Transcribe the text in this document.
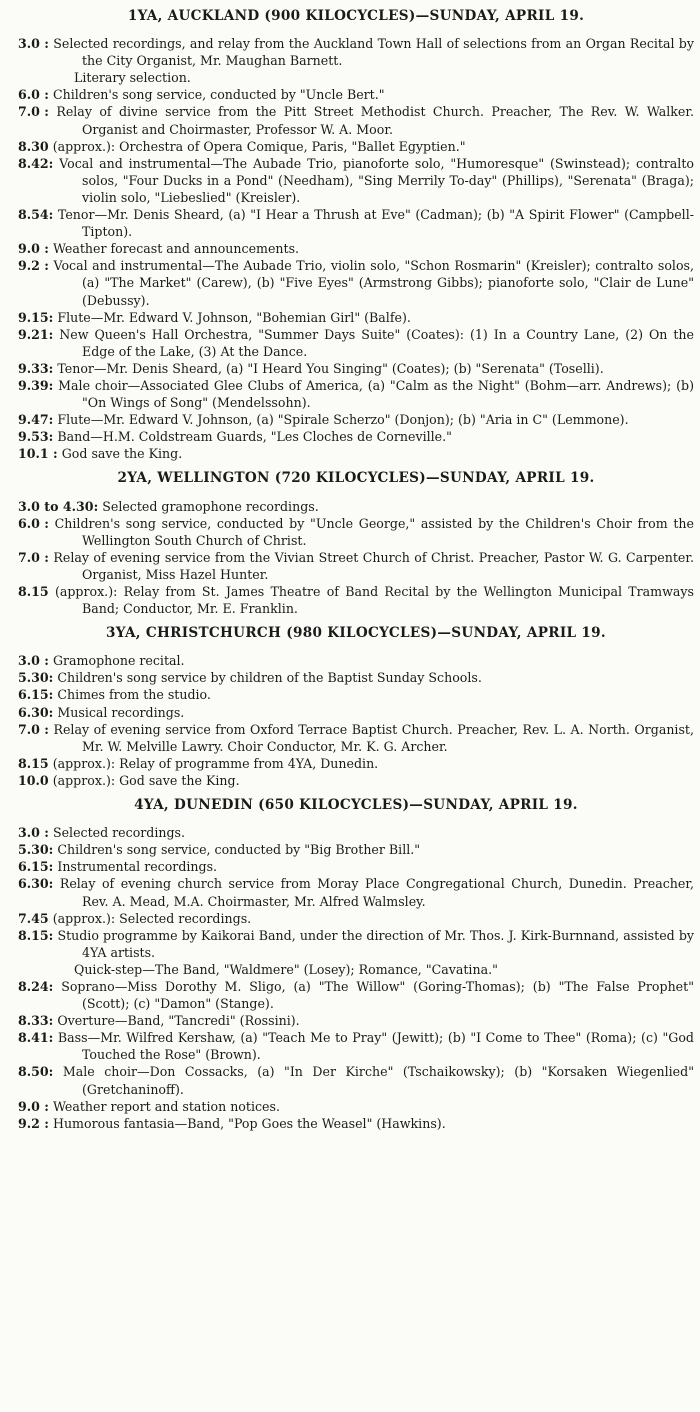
1YA, AUCKLAND (900 KILOCYCLES)—SUNDAY, APRIL 19.

3.0 : Selected recordings, and relay from the Auckland Town Hall of selections from an Organ Recital by the City Organist, Mr. Maughan Barnett.

Literary selection.

6.0 : Children's song service, conducted by "Uncle Bert."

7.0 : Relay of divine service from the Pitt Street Methodist Church. Preacher, The Rev. W. Walker. Organist and Choirmaster, Professor W. A. Moor.

8.30 (approx.): Orchestra of Opera Comique, Paris, "Ballet Egyptien."

8.42: Vocal and instrumental—The Aubade Trio, pianoforte solo, "Humoresque" (Swinstead); contralto solos, "Four Ducks in a Pond" (Needham), "Sing Merrily To-day" (Phillips), "Serenata" (Braga); violin solo, "Liebeslied" (Kreisler).

8.54: Tenor—Mr. Denis Sheard, (a) "I Hear a Thrush at Eve" (Cadman); (b) "A Spirit Flower" (Campbell-Tipton).

9.0 : Weather forecast and announcements.

9.2 : Vocal and instrumental—The Aubade Trio, violin solo, "Schon Rosmarin" (Kreisler); contralto solos, (a) "The Market" (Carew), (b) "Five Eyes" (Armstrong Gibbs); pianoforte solo, "Clair de Lune" (Debussy).

9.15: Flute—Mr. Edward V. Johnson, "Bohemian Girl" (Balfe).

9.21: New Queen's Hall Orchestra, "Summer Days Suite" (Coates): (1) In a Country Lane, (2) On the Edge of the Lake, (3) At the Dance.

9.33: Tenor—Mr. Denis Sheard, (a) "I Heard You Singing" (Coates); (b) "Serenata" (Toselli).

9.39: Male choir—Associated Glee Clubs of America, (a) "Calm as the Night" (Bohm—arr. Andrews); (b) "On Wings of Song" (Mendelssohn).

9.47: Flute—Mr. Edward V. Johnson, (a) "Spirale Scherzo" (Donjon); (b) "Aria in C" (Lemmone).

9.53: Band—H.M. Coldstream Guards, "Les Cloches de Corneville."

10.1 : God save the King.

2YA, WELLINGTON (720 KILOCYCLES)—SUNDAY, APRIL 19.

3.0 to 4.30: Selected gramophone recordings.

6.0 : Children's song service, conducted by "Uncle George," assisted by the Children's Choir from the Wellington South Church of Christ.

7.0 : Relay of evening service from the Vivian Street Church of Christ. Preacher, Pastor W. G. Carpenter. Organist, Miss Hazel Hunter.

8.15 (approx.): Relay from St. James Theatre of Band Recital by the Wellington Municipal Tramways Band; Conductor, Mr. E. Franklin.

3YA, CHRISTCHURCH (980 KILOCYCLES)—SUNDAY, APRIL 19.

3.0 : Gramophone recital.

5.30: Children's song service by children of the Baptist Sunday Schools.

6.15: Chimes from the studio.

6.30: Musical recordings.

7.0 : Relay of evening service from Oxford Terrace Baptist Church. Preacher, Rev. L. A. North. Organist, Mr. W. Melville Lawry. Choir Conductor, Mr. K. G. Archer.

8.15 (approx.): Relay of programme from 4YA, Dunedin.

10.0 (approx.): God save the King.

4YA, DUNEDIN (650 KILOCYCLES)—SUNDAY, APRIL 19.

3.0 : Selected recordings.

5.30: Children's song service, conducted by "Big Brother Bill."

6.15: Instrumental recordings.

6.30: Relay of evening church service from Moray Place Congregational Church, Dunedin. Preacher, Rev. A. Mead, M.A. Choirmaster, Mr. Alfred Walmsley.

7.45 (approx.): Selected recordings.

8.15: Studio programme by Kaikorai Band, under the direction of Mr. Thos. J. Kirk-Burnnand, assisted by 4YA artists.

Quick-step—The Band, "Waldmere" (Losey); Romance, "Cavatina."

8.24: Soprano—Miss Dorothy M. Sligo, (a) "The Willow" (Goring-Thomas); (b) "The False Prophet" (Scott); (c) "Damon" (Stange).

8.33: Overture—Band, "Tancredi" (Rossini).

8.41: Bass—Mr. Wilfred Kershaw, (a) "Teach Me to Pray" (Jewitt); (b) "I Come to Thee" (Roma); (c) "God Touched the Rose" (Brown).

8.50: Male choir—Don Cossacks, (a) "In Der Kirche" (Tschaikowsky); (b) "Korsaken Wiegenlied" (Gretchaninoff).

9.0 : Weather report and station notices.

9.2 : Humorous fantasia—Band, "Pop Goes the Weasel" (Hawkins).
